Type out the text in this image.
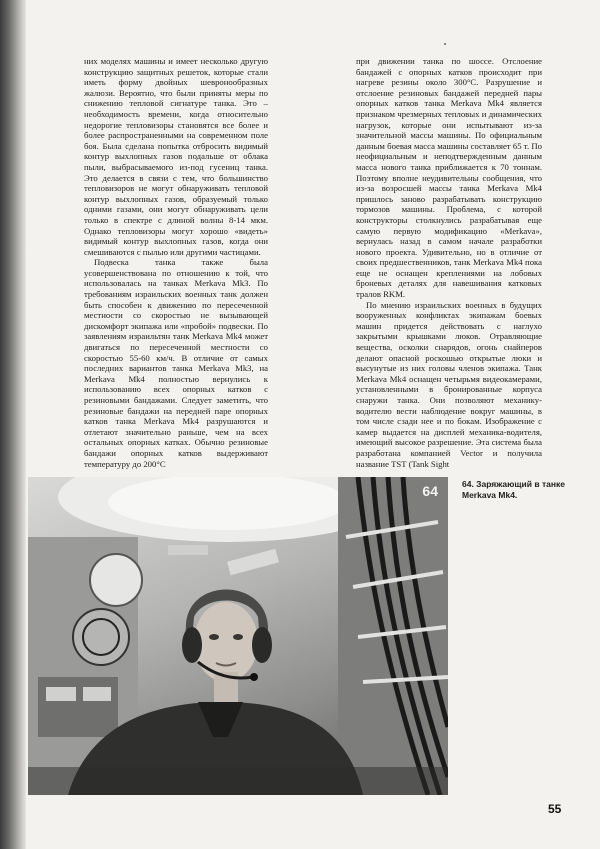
них моделях машины и имеет несколько другую конструкцию защитных решеток, которые стали иметь форму двойных шевронообразных жалюзи. Вероятно, что были приняты меры по снижению тепловой сигнатуре танка. Это – необходимость времени, когда относительно недорогие тепловизоры становятся все более и более распространенными на современном поле боя. Была сделана попытка отбросить видимый контур выхлопных газов подальше от облака пыли, выбрасываемого из-под гусениц танка. Это делается в связи с тем, что большинство тепловизоров не могут обнаруживать тепловой контур выхлопных газов, образуемый только одними газами, они могут обнаруживать цели только в спектре с длиной волны 8-14 мкм. Однако тепловизоры могут хорошо «видеть» видимый контур выхлопных газов, когда они смешиваются с пылью или другими частицами.

Подвеска танка также была усовершенствована по отношению к той, что использовалась на танках Merkava Mk3. По требованиям израильских военных танк должен быть способен к движению по пересеченной местности со скоростью не вызывающей дискомфорт экипажа или «пробой» подвески. По заявлениям израильтян танк Merkava Mk4 может двигаться по пересеченной местности со скоростью 55-60 км/ч. В отличие от самых последних вариантов танка Merkava Mk3, на Merkava Mk4 полностью вернулись к использованию всех опорных катков с резиновыми бандажами. Следует заметить, что резиновые бандажи на передней паре опорных катков танка Merkava Mk4 разрушаются и отлетают значительно раньше, чем на всех остальных опорных катках. Обычно резиновые бандажи опорных катков выдерживают температуру до 200°С

при движении танка по шоссе. Отслоение бандажей с опорных катков происходит при нагреве резины около 300°С. Разрушение и отслоение резиновых бандажей передней пары опорных катков танка Merkava Mk4 является признаком чрезмерных тепловых и динамических нагрузок, которые они испытывают из-за значительной массы машины. По официальным данным боевая масса машины составляет 65 т. По неофициальным и неподтвержденным данным масса нового танка приближается к 70 тоннам. Поэтому вполне неудивительны сообщения, что из-за возросшей массы танка Merkava Mk4 пришлось заново разрабатывать конструкцию тормозов машины. Проблема, с которой конструкторы столкнулись разрабатывая еще самую первую модификацию «Merkava», вернулась назад в самом начале разработки нового проекта. Удивительно, но в отличие от своих предшественников, танк Merkava Mk4 пока еще не оснащен креплениями на лобовых броневых деталях для навешивания катковых тралов RKM.

По мнению израильских военных в будущих вооруженных конфликтах экипажам боевых машин придется действовать с наглухо закрытыми крышками люков. Отравляющие вещества, осколки снарядов, огонь снайперов делают опасной роскошью открытые люки и высунутые из них головы членов экипажа. Танк Merkava Mk4 оснащен четырьмя видеокамерами, установленными в бронированные корпуса снаружи танка. Они позволяют механику-водителю вести наблюдение вокруг машины, в том числе сзади нее и по бокам. Изображение с камер выдается на дисплей механика-водителя, имеющий высокое разрешение. Эта система была разработана компанией Vector и получила название TST (Tank Sight

64	64. Заряжающий в танке Merkava Mk4.
55
